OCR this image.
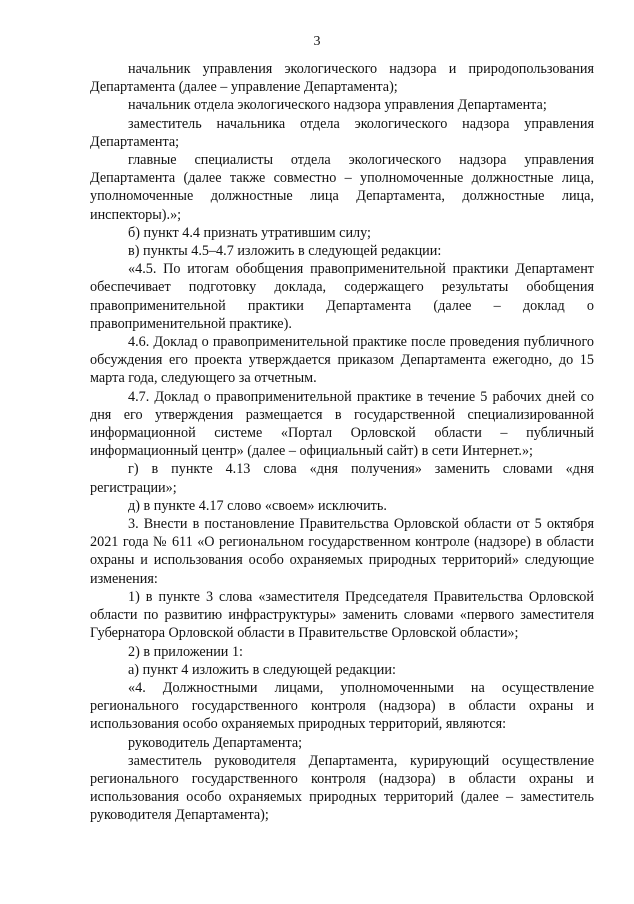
3

начальник управления экологического надзора и природопользования Департамента (далее – управление Департамента);

начальник отдела экологического надзора управления Департамента;

заместитель начальника отдела экологического надзора управления Департамента;

главные специалисты отдела экологического надзора управления Департамента (далее также совместно – уполномоченные должностные лица, уполномоченные должностные лица Департамента, должностные лица, инспекторы).»;

б) пункт 4.4 признать утратившим силу;

в) пункты 4.5–4.7 изложить в следующей редакции:

«4.5. По итогам обобщения правоприменительной практики Департамент обеспечивает подготовку доклада, содержащего результаты обобщения правоприменительной практики Департамента (далее – доклад о правоприменительной практике).

4.6. Доклад о правоприменительной практике после проведения публичного обсуждения его проекта утверждается приказом Департамента ежегодно, до 15 марта года, следующего за отчетным.

4.7. Доклад о правоприменительной практике в течение 5 рабочих дней со дня его утверждения размещается в государственной специализированной информационной системе «Портал Орловской области – публичный информационный центр» (далее – официальный сайт) в сети Интернет.»;

г) в пункте 4.13 слова «дня получения» заменить словами «дня регистрации»;

д) в пункте 4.17 слово «своем» исключить.

3. Внести в постановление Правительства Орловской области от 5 октября 2021 года № 611 «О региональном государственном контроле (надзоре) в области охраны и использования особо охраняемых природных территорий» следующие изменения:

1) в пункте 3 слова «заместителя Председателя Правительства Орловской области по развитию инфраструктуры» заменить словами «первого заместителя Губернатора Орловской области в Правительстве Орловской области»;

2) в приложении 1:

а) пункт 4 изложить в следующей редакции:

«4. Должностными лицами, уполномоченными на осуществление регионального государственного контроля (надзора) в области охраны и использования особо охраняемых природных территорий, являются:

руководитель Департамента;

заместитель руководителя Департамента, курирующий осуществление регионального государственного контроля (надзора) в области охраны и использования особо охраняемых природных территорий (далее – заместитель руководителя Департамента);
